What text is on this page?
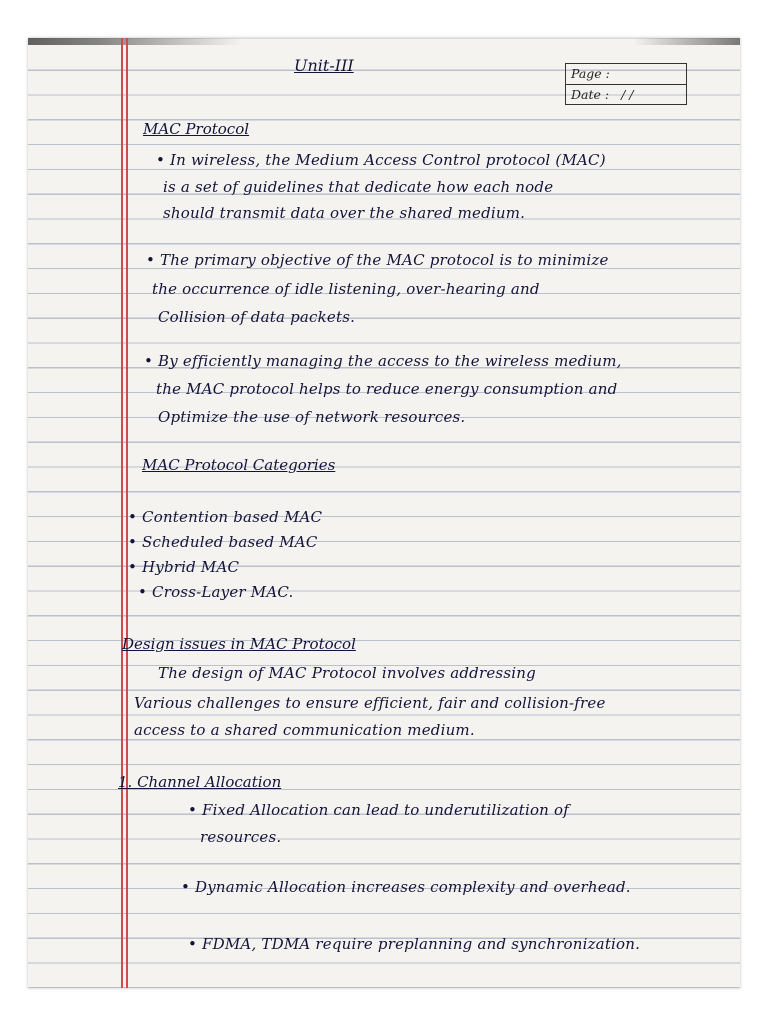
Unit-III	Page :
Date : / /
MAC Protocol
• In wireless, the Medium Access Control protocol (MAC)
is a set of guidelines that dedicate how each node
should transmit data over the shared medium.
• The primary objective of the MAC protocol is to minimize
the occurrence of idle listening, over-hearing and
Collision of data packets.
• By efficiently managing the access to the wireless medium,
the MAC protocol helps to reduce energy consumption and
Optimize the use of network resources.
MAC Protocol Categories
• Contention based MAC
• Scheduled based MAC
• Hybrid MAC
• Cross-Layer MAC.
Design issues in MAC Protocol
The design of MAC Protocol involves addressing
Various challenges to ensure efficient, fair and collision-free
access to a shared communication medium.
1. Channel Allocation
• Fixed Allocation can lead to underutilization of
resources.
• Dynamic Allocation increases complexity and overhead.
• FDMA, TDMA require preplanning and synchronization.
